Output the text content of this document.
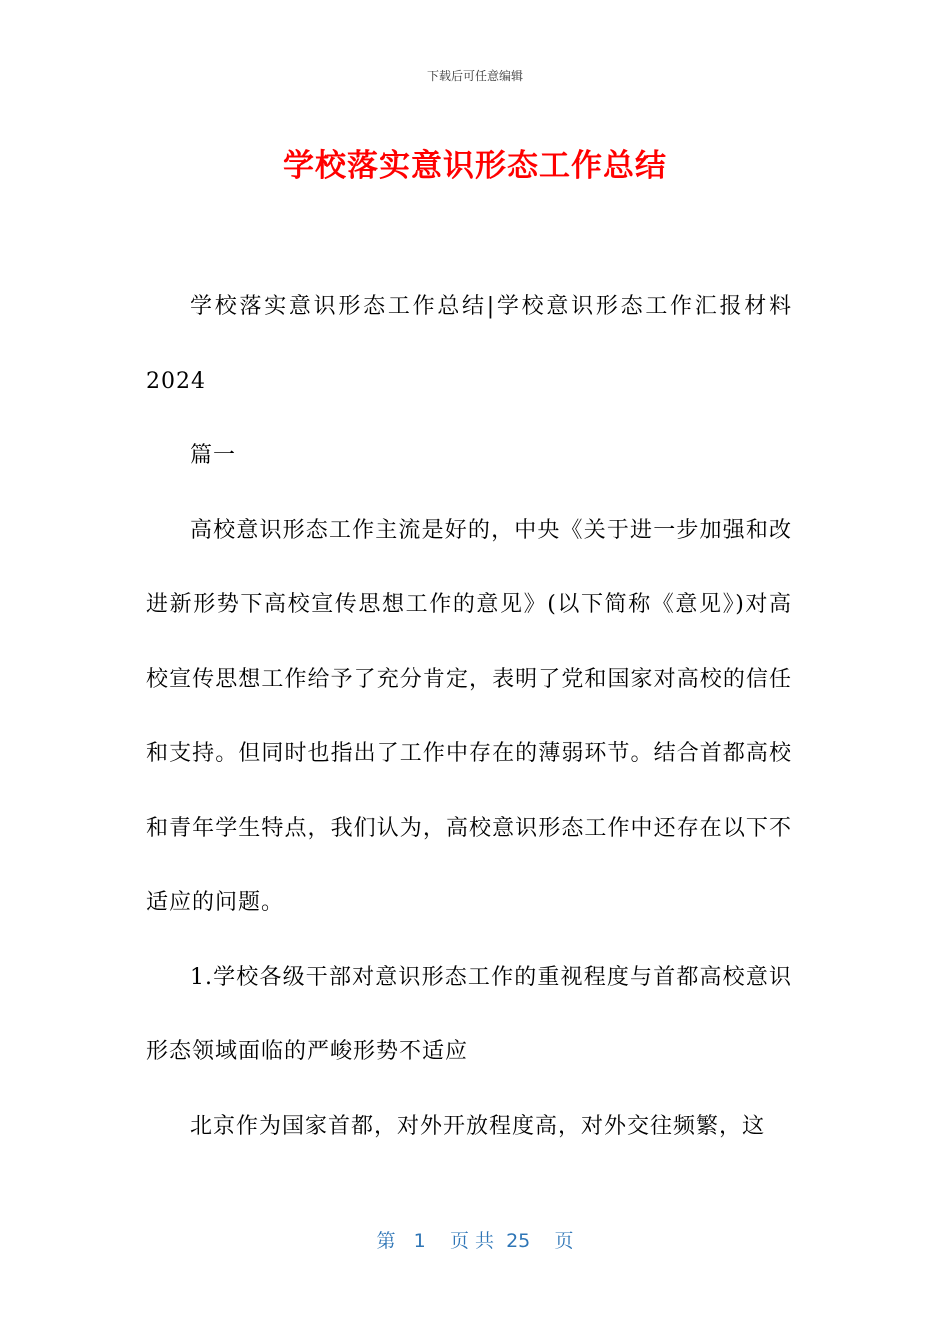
下载后可任意编辑
学校落实意识形态工作总结

学校落实意识形态工作总结|学校意识形态工作汇报材料2024

篇一

高校意识形态工作主流是好的，中央《关于进一步加强和改进新形势下高校宣传思想工作的意见》(以下简称《意见》)对高校宣传思想工作给予了充分肯定，表明了党和国家对高校的信任和支持。但同时也指出了工作中存在的薄弱环节。结合首都高校和青年学生特点，我们认为，高校意识形态工作中还存在以下不适应的问题。

1.学校各级干部对意识形态工作的重视程度与首都高校意识形态领域面临的严峻形势不适应

北京作为国家首都，对外开放程度高，对外交往频繁，这

第 1 页 共 25 页
